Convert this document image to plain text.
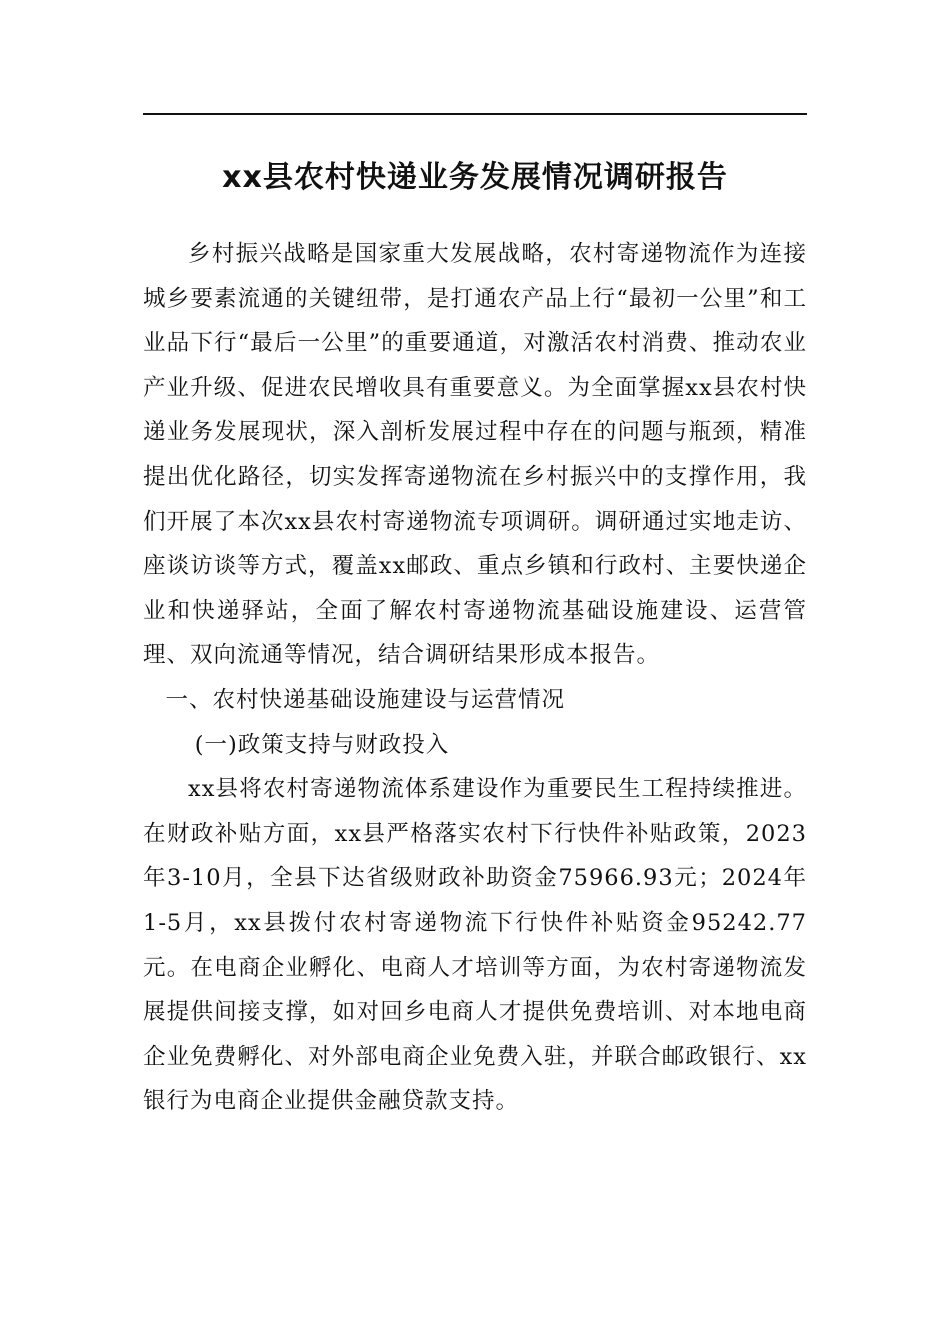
xx县农村快递业务发展情况调研报告

乡村振兴战略是国家重大发展战略，农村寄递物流作为连接城乡要素流通的关键纽带，是打通农产品上行“最初一公里”和工业品下行“最后一公里”的重要通道，对激活农村消费、推动农业产业升级、促进农民增收具有重要意义。为全面掌握xx县农村快递业务发展现状，深入剖析发展过程中存在的问题与瓶颈，精准提出优化路径，切实发挥寄递物流在乡村振兴中的支撑作用，我们开展了本次xx县农村寄递物流专项调研。调研通过实地走访、座谈访谈等方式，覆盖xx邮政、重点乡镇和行政村、主要快递企业和快递驿站，全面了解农村寄递物流基础设施建设、运营管理、双向流通等情况，结合调研结果形成本报告。

一、农村快递基础设施建设与运营情况

(一)政策支持与财政投入

xx县将农村寄递物流体系建设作为重要民生工程持续推进。在财政补贴方面，xx县严格落实农村下行快件补贴政策，2023年3-10月，全县下达省级财政补助资金75966.93元；2024年1-5月，xx县拨付农村寄递物流下行快件补贴资金95242.77元。在电商企业孵化、电商人才培训等方面，为农村寄递物流发展提供间接支撑，如对回乡电商人才提供免费培训、对本地电商企业免费孵化、对外部电商企业免费入驻，并联合邮政银行、xx银行为电商企业提供金融贷款支持。
